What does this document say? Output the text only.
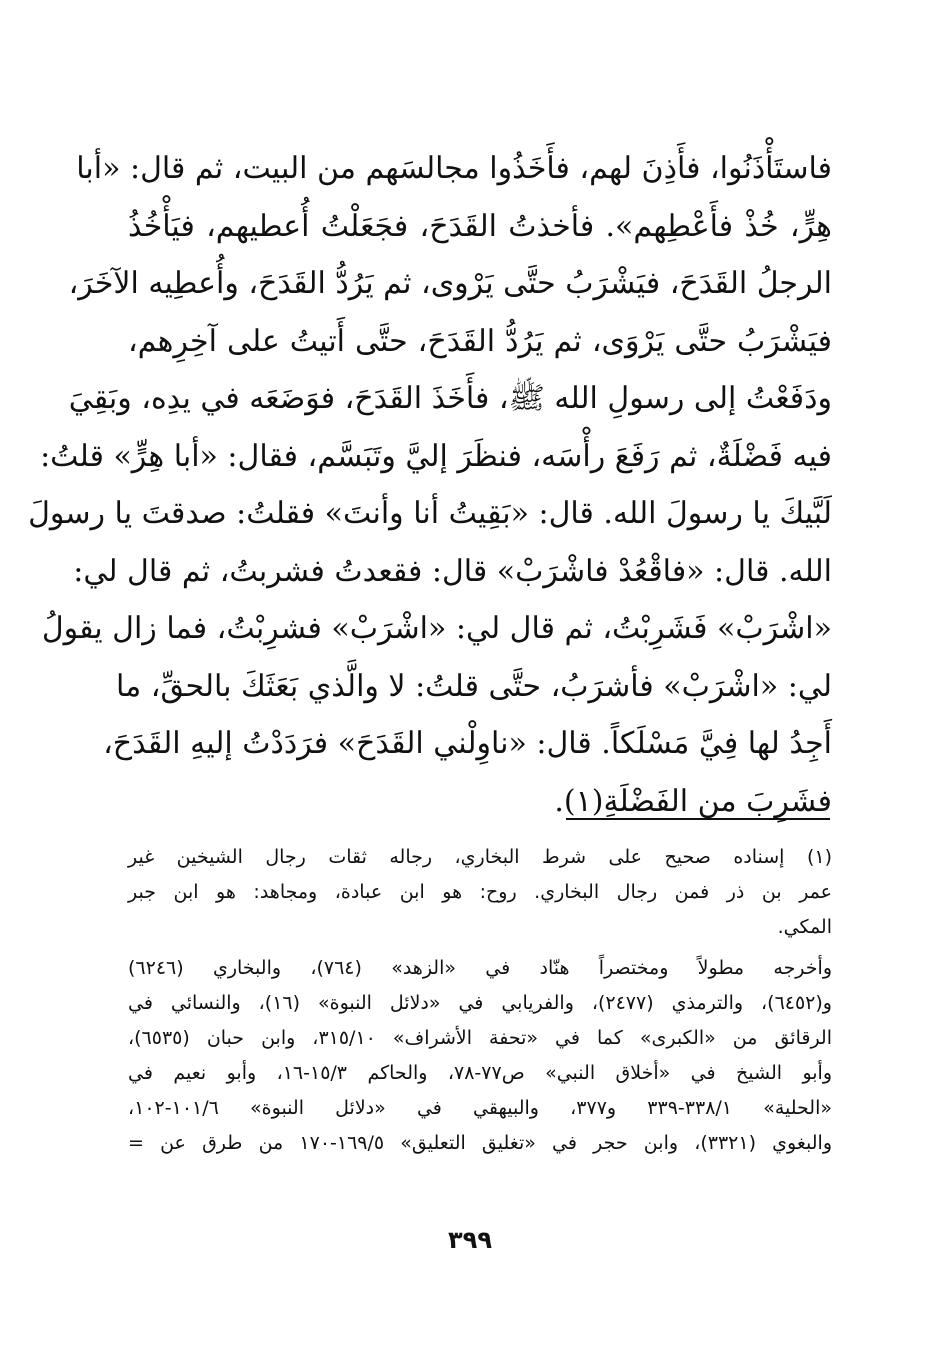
فاستَأْذَنُوا، فأَذِنَ لهم، فأَخَذُوا مجالسَهم من البيت، ثم قال: «أبا
هِرٍّ، خُذْ فأَعْطِهم». فأخذتُ القَدَحَ، فجَعَلْتُ أُعطيهم، فيَأْخُذُ
الرجلُ القَدَحَ، فيَشْرَبُ حتَّى يَرْوى، ثم يَرُدُّ القَدَحَ، وأُعطِيه الآخَرَ،
فيَشْرَبُ حتَّى يَرْوَى، ثم يَرُدُّ القَدَحَ، حتَّى أَتيتُ على آخِرِهم،
ودَفَعْتُ إلى رسولِ الله ﷺ، فأَخَذَ القَدَحَ، فوَضَعَه في يدِه، وبَقِيَ
فيه فَضْلَةٌ، ثم رَفَعَ رأْسَه، فنظَرَ إليَّ وتَبَسَّم، فقال: «أبا هِرٍّ» قلتُ:
لَبَّيكَ يا رسولَ الله. قال: «بَقِيتُ أنا وأنتَ» فقلتُ: صدقتَ يا رسولَ
الله. قال: «فاقْعُدْ فاشْرَبْ» قال: فقعدتُ فشربتُ، ثم قال لي:
«اشْرَبْ» فَشَرِبْتُ، ثم قال لي: «اشْرَبْ» فشرِبْتُ، فما زال يقولُ
لي: «اشْرَبْ» فأشرَبُ، حتَّى قلتُ: لا والَّذي بَعَثَكَ بالحقِّ، ما
أَجِدُ لها فِيَّ مَسْلَكاً. قال: «ناوِلْني القَدَحَ» فرَدَدْتُ إليهِ القَدَحَ،
فشَرِبَ من الفَضْلَةِ(١).
(١) إسناده صحيح على شرط البخاري، رجاله ثقات رجال الشيخين غير
عمر بن ذر فمن رجال البخاري. روح: هو ابن عبادة، ومجاهد: هو ابن جبر
المكي.
وأخرجه مطولاً ومختصراً هنّاد في «الزهد» (٧٦٤)، والبخاري (٦٢٤٦)
و(٦٤٥٢)، والترمذي (٢٤٧٧)، والفريابي في «دلائل النبوة» (١٦)، والنسائي في
الرقائق من «الكبرى» كما في «تحفة الأشراف» ٣١٥/١٠، وابن حبان (٦٥٣٥)،
وأبو الشيخ في «أخلاق النبي» ص٧٧-٧٨، والحاكم ١٥/٣-١٦، وأبو نعيم في
«الحلية» ٣٣٨/١-٣٣٩ و٣٧٧، والبيهقي في «دلائل النبوة» ١٠١/٦-١٠٢،
والبغوي (٣٣٢١)، وابن حجر في «تغليق التعليق» ١٦٩/٥-١٧٠ من طرق عن =
٣٩٩
